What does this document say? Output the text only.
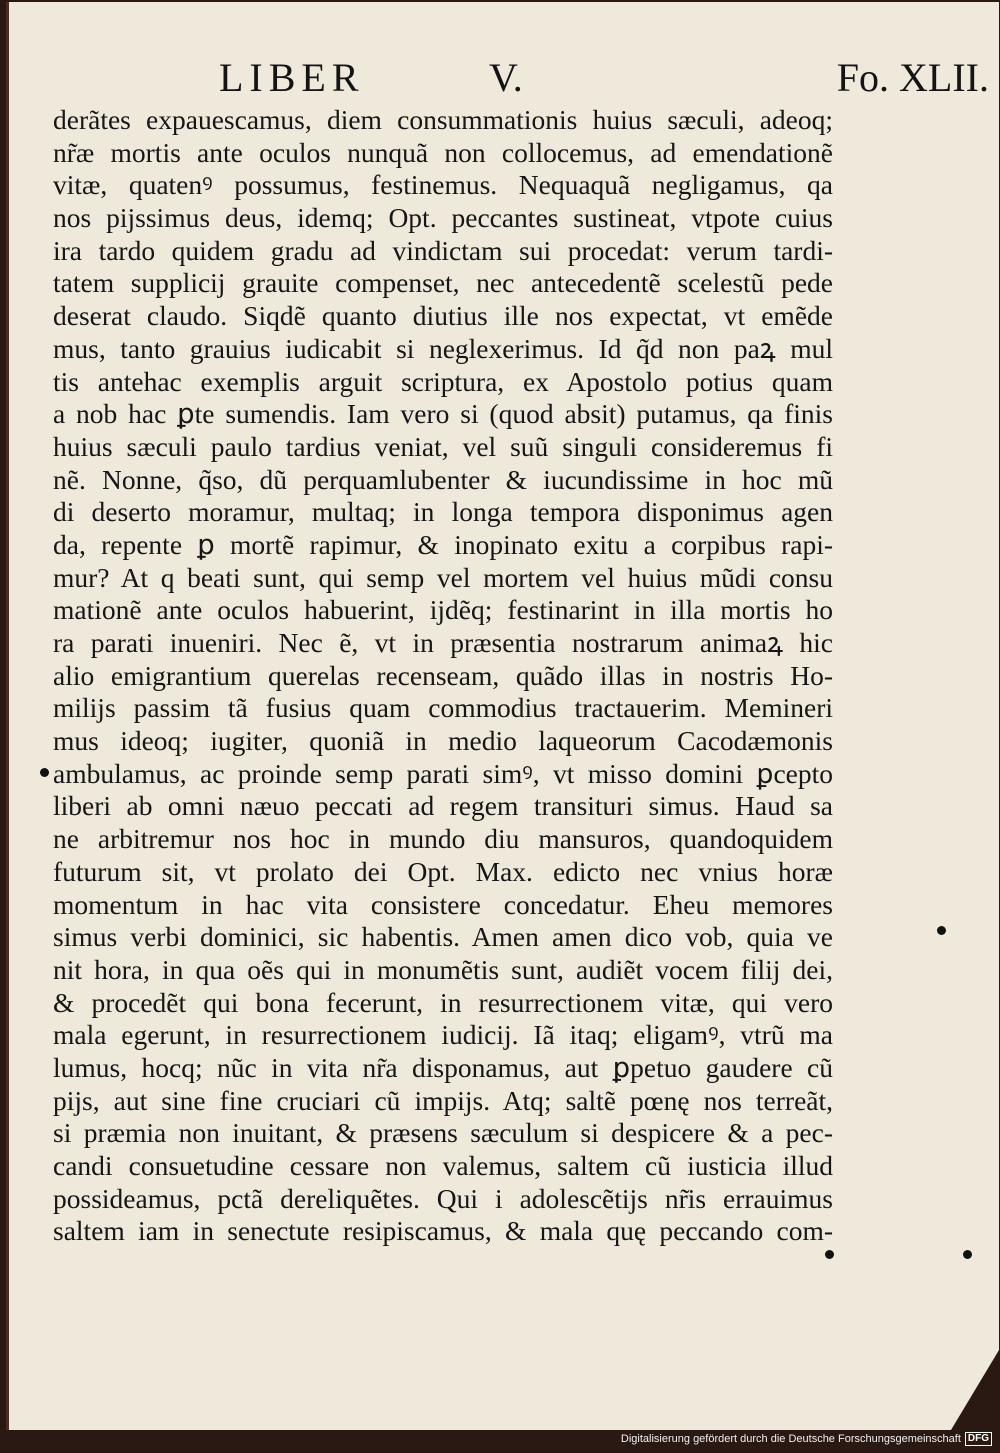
LIBER	V.	Fo. XLII.
derãtes expauescamus, diem consummationis huius sæculi, adeoq;
nr̃æ mortis ante oculos nunquã non collocemus, ad emendationẽ
vitæ, quatenꝰ possumus, festinemus. Nequaquã negligamus, qa
nos pijssimus deus, idemq; Opt. peccantes sustineat, vtpote cuius
ira tardo quidem gradu ad vindictam sui procedat: verum tardi-
tatem supplicij grauite compenset, nec antecedentẽ scelestũ pede
deserat claudo. Siqdẽ quanto diutius ille nos expectat, vt emẽde
mus, tanto grauius iudicabit si neglexerimus. Id q̃d non paꝝ mul
tis antehac exemplis arguit scriptura, ex Apostolo potius quam
a nob hac ꝑte sumendis. Iam vero si (quod absit) putamus, qa finis
huius sæculi paulo tardius veniat, vel suũ singuli consideremus fi
nẽ. Nonne, q̃so, dũ perquamlubenter & iucundissime in hoc mũ
di deserto moramur, multaq; in longa tempora disponimus agen
da, repente ꝑ mortẽ rapimur, & inopinato exitu a corpibus rapi-
mur? At q beati sunt, qui semp vel mortem vel huius mũdi consu
mationẽ ante oculos habuerint, ijdẽq; festinarint in illa mortis ho
ra parati inueniri. Nec ẽ, vt in præsentia nostrarum animaꝝ hic
alio emigrantium querelas recenseam, quãdo illas in nostris Ho-
milijs passim tã fusius quam commodius tractauerim. Memineri
mus ideoq; iugiter, quoniã in medio laqueorum Cacodæmonis
ambulamus, ac proinde semp parati simꝰ, vt misso domini ꝑcepto
liberi ab omni næuo peccati ad regem transituri simus. Haud sa
ne arbitremur nos hoc in mundo diu mansuros, quandoquidem
futurum sit, vt prolato dei Opt. Max. edicto nec vnius horæ
momentum in hac vita consistere concedatur. Eheu memores
simus verbi dominici, sic habentis. Amen amen dico vob, quia ve
nit hora, in qua oẽs qui in monumẽtis sunt, audiẽt vocem filij dei,
& procedẽt qui bona fecerunt, in resurrectionem vitæ, qui vero
mala egerunt, in resurrectionem iudicij. Iã itaq; eligamꝰ, vtrũ ma
lumus, hocq; nũc in vita nr̃a disponamus, aut ꝑpetuo gaudere cũ
pijs, aut sine fine cruciari cũ impijs. Atq; saltẽ pœnę nos terreãt,
si præmia non inuitant, & præsens sæculum si despicere & a pec-
candi consuetudine cessare non valemus, saltem cũ iusticia illud
possideamus, pctã dereliquẽtes. Qui i adolescẽtijs nr̃is errauimus
saltem iam in senectute resipiscamus, & mala quę peccando com-
Digitalisierung gefördert durch die Deutsche Forschungsgemeinschaft DFG
